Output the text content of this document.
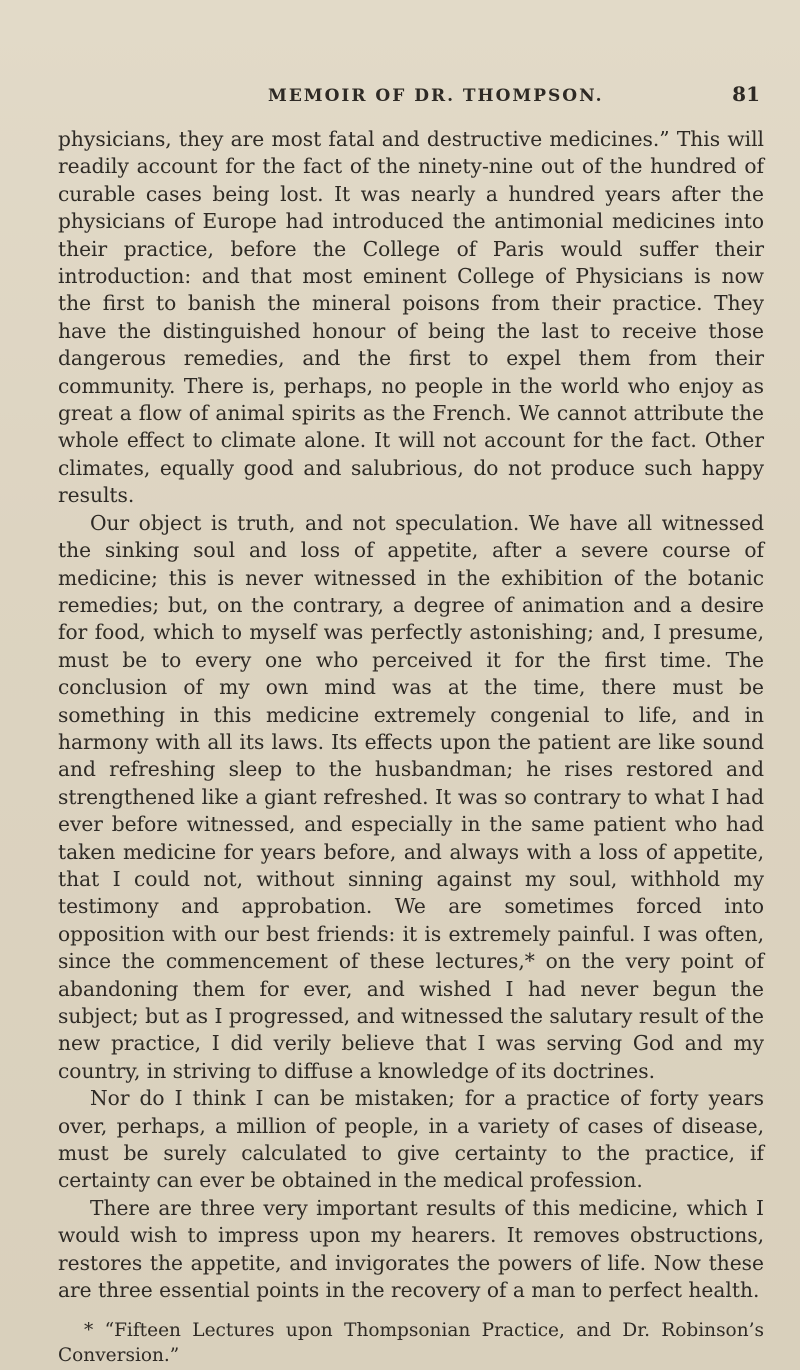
MEMOIR OF DR. THOMPSON.	81

physicians, they are most fatal and destructive medicines.” This will readily account for the fact of the ninety-nine out of the hundred of curable cases being lost. It was nearly a hundred years after the physicians of Europe had introduced the antimonial medicines into their practice, before the College of Paris would suffer their introduction: and that most eminent College of Physicians is now the first to banish the mineral poisons from their practice. They have the distinguished honour of being the last to receive those dangerous remedies, and the first to expel them from their community. There is, perhaps, no people in the world who enjoy as great a flow of animal spirits as the French. We cannot attribute the whole effect to climate alone. It will not account for the fact. Other climates, equally good and salubrious, do not produce such happy results.

Our object is truth, and not speculation. We have all witnessed the sinking soul and loss of appetite, after a severe course of medicine; this is never witnessed in the exhibition of the botanic remedies; but, on the contrary, a degree of animation and a desire for food, which to myself was perfectly astonishing; and, I presume, must be to every one who perceived it for the first time. The conclusion of my own mind was at the time, there must be something in this medicine extremely congenial to life, and in harmony with all its laws. Its effects upon the patient are like sound and refreshing sleep to the husbandman; he rises restored and strengthened like a giant refreshed. It was so contrary to what I had ever before witnessed, and especially in the same patient who had taken medicine for years before, and always with a loss of appetite, that I could not, without sinning against my soul, withhold my testimony and approbation. We are sometimes forced into opposition with our best friends: it is extremely painful. I was often, since the commencement of these lectures,* on the very point of abandoning them for ever, and wished I had never begun the subject; but as I progressed, and witnessed the salutary result of the new practice, I did verily believe that I was serving God and my country, in striving to diffuse a knowledge of its doctrines.

Nor do I think I can be mistaken; for a practice of forty years over, perhaps, a million of people, in a variety of cases of disease, must be surely calculated to give certainty to the practice, if certainty can ever be obtained in the medical profession.

There are three very important results of this medicine, which I would wish to impress upon my hearers. It removes obstructions, restores the appetite, and invigorates the powers of life. Now these are three essential points in the recovery of a man to perfect health.

* “Fifteen Lectures upon Thompsonian Practice, and Dr. Robinson’s Conversion.”
